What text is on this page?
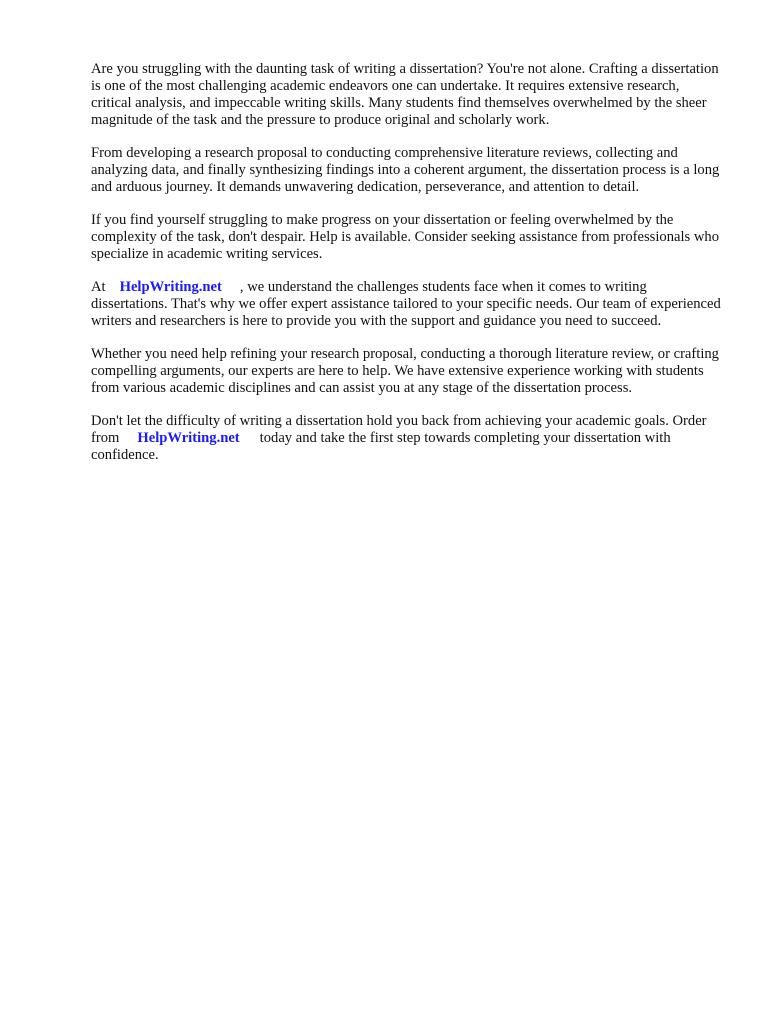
Are you struggling with the daunting task of writing a dissertation? You're not alone. Crafting a dissertation is one of the most challenging academic endeavors one can undertake. It requires extensive research, critical analysis, and impeccable writing skills. Many students find themselves overwhelmed by the sheer magnitude of the task and the pressure to produce original and scholarly work.

From developing a research proposal to conducting comprehensive literature reviews, collecting and analyzing data, and finally synthesizing findings into a coherent argument, the dissertation process is a long and arduous journey. It demands unwavering dedication, perseverance, and attention to detail.

If you find yourself struggling to make progress on your dissertation or feeling overwhelmed by the complexity of the task, don't despair. Help is available. Consider seeking assistance from professionals who specialize in academic writing services.

At HelpWriting.net , we understand the challenges students face when it comes to writing dissertations. That's why we offer expert assistance tailored to your specific needs. Our team of experienced writers and researchers is here to provide you with the support and guidance you need to succeed.

Whether you need help refining your research proposal, conducting a thorough literature review, or crafting compelling arguments, our experts are here to help. We have extensive experience working with students from various academic disciplines and can assist you at any stage of the dissertation process.

Don't let the difficulty of writing a dissertation hold you back from achieving your academic goals. Order from HelpWriting.net today and take the first step towards completing your dissertation with confidence.
